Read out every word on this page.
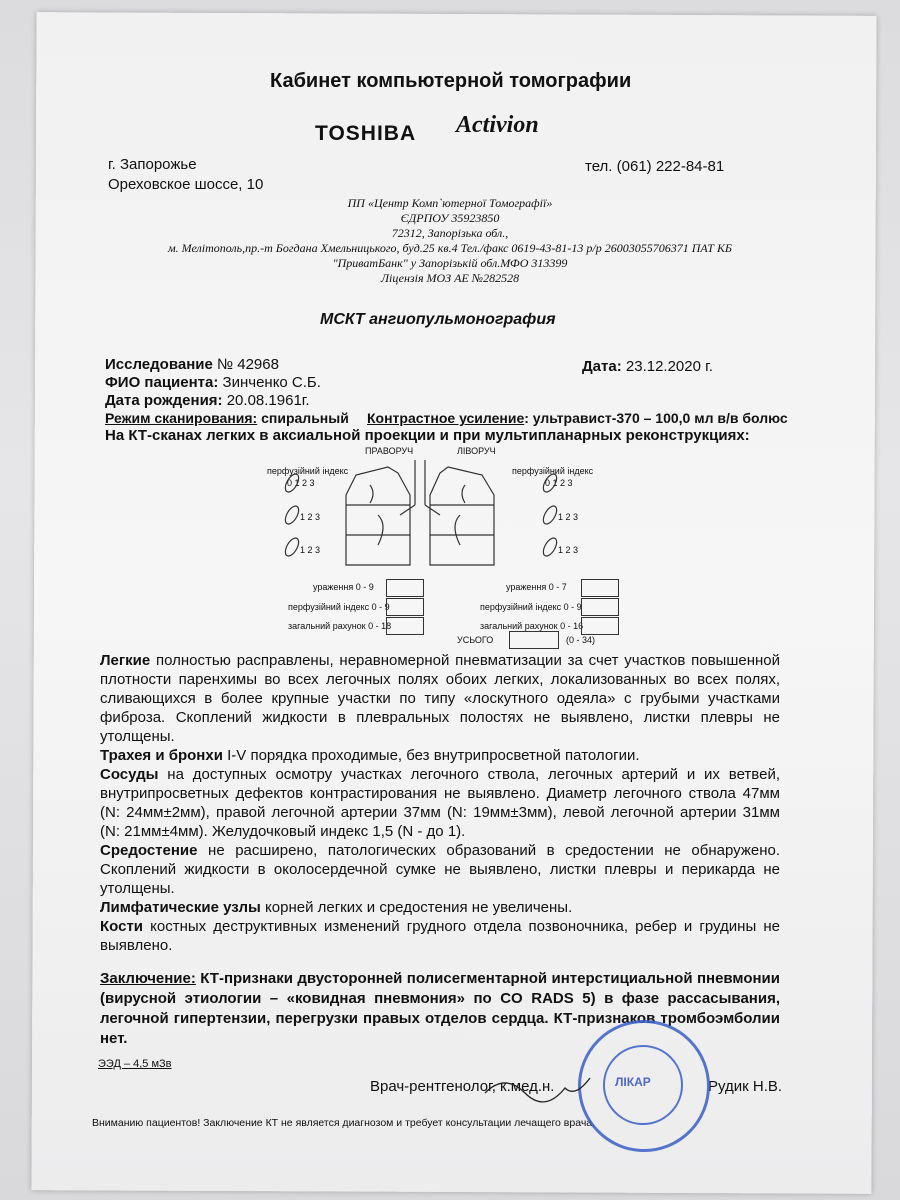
Кабинет компьютерной томографии
TOSHIBA Activion
г. Запорожье
Ореховское шоссе, 10
тел. (061) 222-84-81
ПП «Центр Комп`ютерної Томографії»
ЄДРПОУ 35923850
72312, Запорізька обл.,
м. Мелітополь,пр.-т Богдана Хмельницького, буд.25 кв.4 Тел./факс 0619-43-81-13 р/р 26003055706371 ПАТ КБ
"ПриватБанк" у Запорізькій обл.МФО 313399
Ліцензія МОЗ АЕ №282528
МСКТ ангиопульмонография
Исследование № 42968	Дата: 23.12.2020 г.
ФИО пациента: Зинченко С.Б.
Дата рождения: 20.08.1961г.
Режим сканирования: спиральный Контрастное усиление: ультравист-370 – 100,0 мл в/в болюс
На КТ-сканах легких в аксиальной проекции и при мультипланарных реконструкциях:
ПРАВОРУЧ	ЛІВОРУЧ
перфузійний індекс	перфузійний індекс
0 1 2 3	0 1 2 3
1 2 3	1 2 3
1 2 3	1 2 3
ураження 0 - 9	ураження 0 - 7
перфузійний індекс 0 - 9	перфузійний індекс 0 - 9
загальний рахунок 0 - 18	загальний рахунок 0 - 16
УСЬОГО	(0 - 34)
Легкие полностью расправлены, неравномерной пневматизации за счет участков повышенной плотности паренхимы во всех легочных полях обоих легких, локализованных во всех полях, сливающихся в более крупные участки по типу «лоскутного одеяла» с грубыми участками фиброза. Скоплений жидкости в плевральных полостях не выявлено, листки плевры не утолщены.
Трахея и бронхи I-V порядка проходимые, без внутрипросветной патологии.
Сосуды на доступных осмотру участках легочного ствола, легочных артерий и их ветвей, внутрипросветных дефектов контрастирования не выявлено. Диаметр легочного ствола 47мм (N: 24мм±2мм), правой легочной артерии 37мм (N: 19мм±3мм), левой легочной артерии 31мм (N: 21мм±4мм). Желудочковый индекс 1,5 (N - до 1).
Средостение не расширено, патологических образований в средостении не обнаружено. Скоплений жидкости в околосердечной сумке не выявлено, листки плевры и перикарда не утолщены.
Лимфатические узлы корней легких и средостения не увеличены.
Кости костных деструктивных изменений грудного отдела позвоночника, ребер и грудины не выявлено.
Заключение: КТ-признаки двусторонней полисегментарной интерстициальной пневмонии (вирусной этиологии – «ковидная пневмония» по CO RADS 5) в фазе рассасывания, легочной гипертензии, перегрузки правых отделов сердца. КТ-признаков тромбоэмболии нет.
ЭЭД – 4,5 мЗв
Врач-рентгенолог, к.мед.н.	Рудик Н.В.
Вниманию пациентов! Заключение КТ не является диагнозом и требует консультации лечащего врача.
ЛІКАР
